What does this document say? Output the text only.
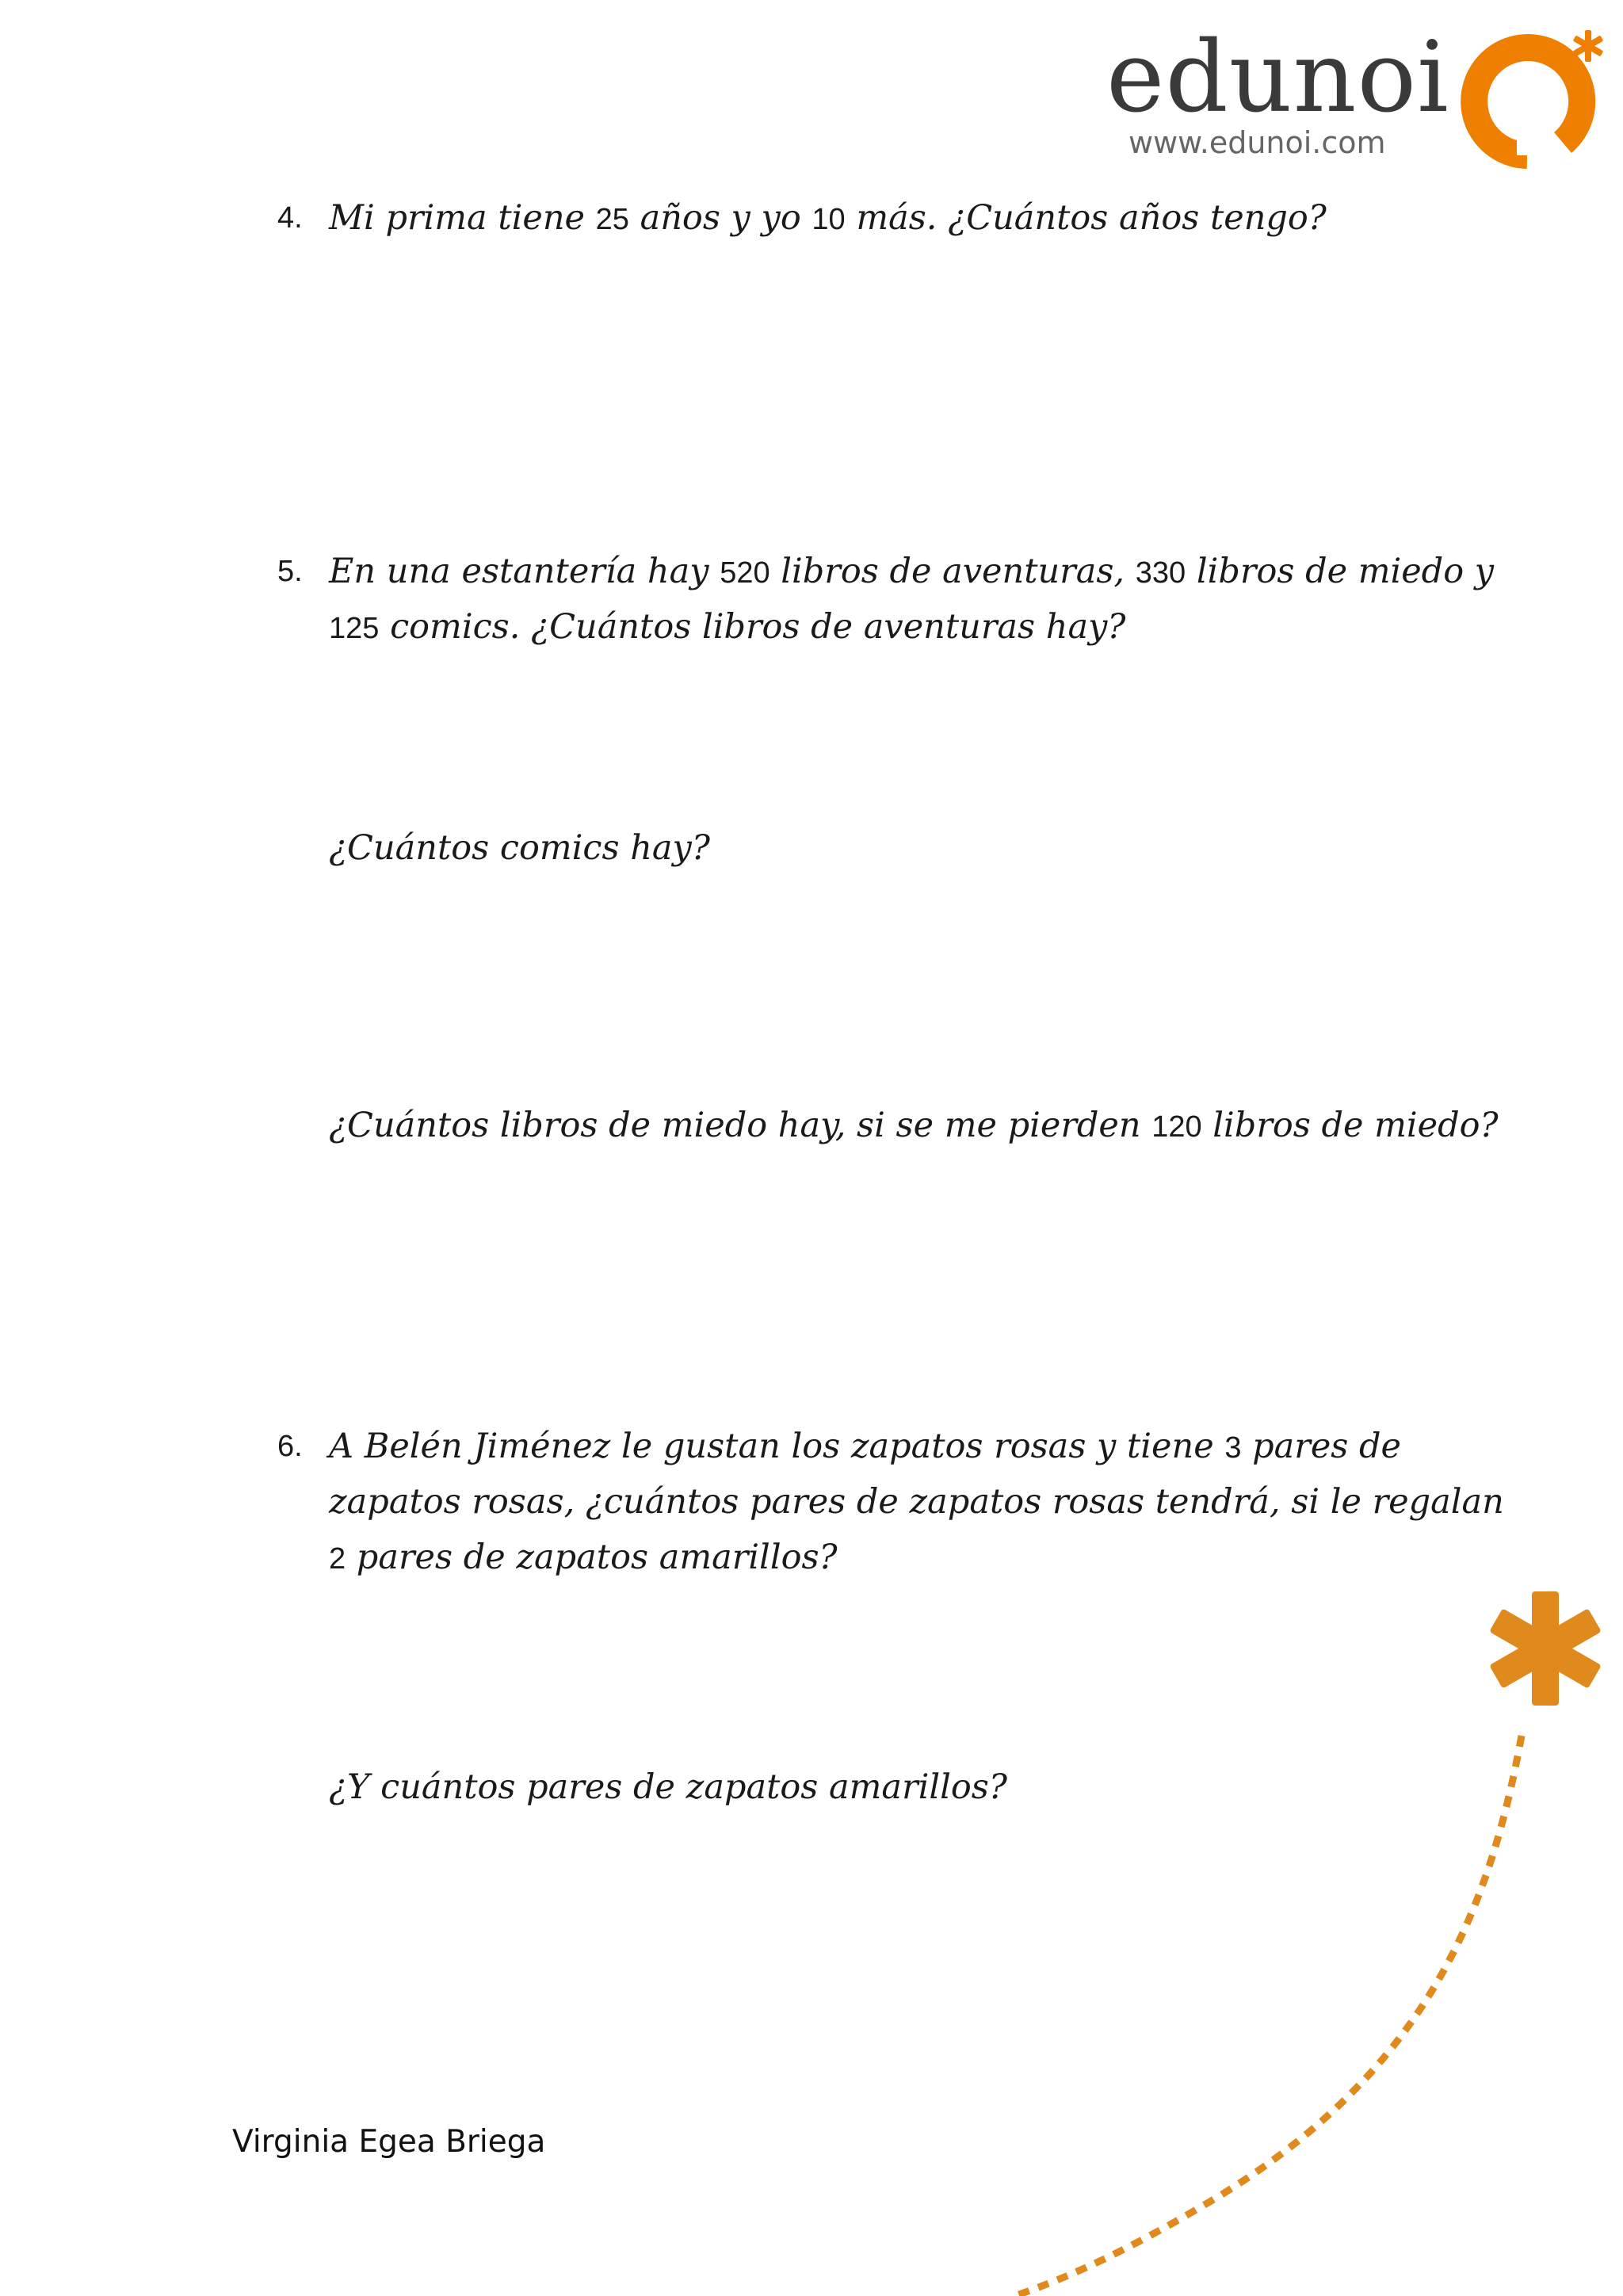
edunoi
www.edunoi.com
4. Mi prima tiene 25 años y yo 10 más. ¿Cuántos años tengo?
5. En una estantería hay 520 libros de aventuras, 330 libros de miedo y
125 comics. ¿Cuántos libros de aventuras hay?
¿Cuántos comics hay?
¿Cuántos libros de miedo hay, si se me pierden 120 libros de miedo?
6. A Belén Jiménez le gustan los zapatos rosas y tiene 3 pares de
zapatos rosas, ¿cuántos pares de zapatos rosas tendrá, si le regalan
2 pares de zapatos amarillos?
¿Y cuántos pares de zapatos amarillos?
Virginia Egea Briega
